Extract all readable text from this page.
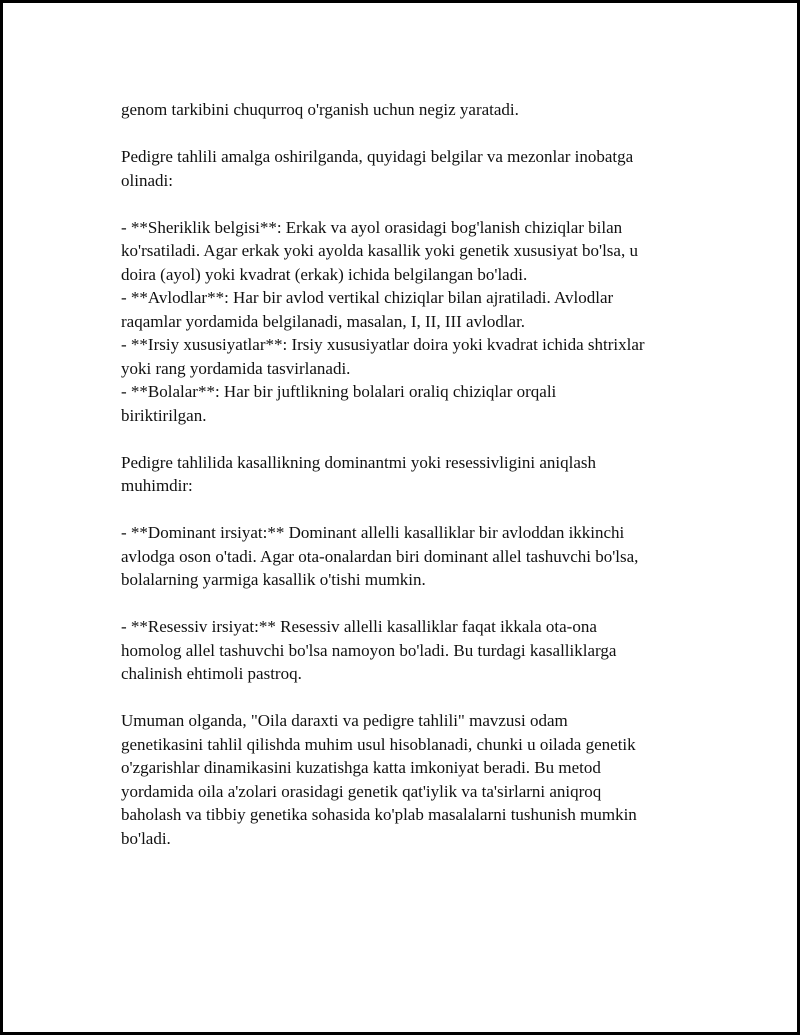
genom tarkibini chuqurroq o'rganish uchun negiz yaratadi.
Pedigre tahlili amalga oshirilganda, quyidagi belgilar va mezonlar inobatga
olinadi:
- **Sheriklik belgisi**: Erkak va ayol orasidagi bog'lanish chiziqlar bilan
ko'rsatiladi. Agar erkak yoki ayolda kasallik yoki genetik xususiyat bo'lsa, u
doira (ayol) yoki kvadrat (erkak) ichida belgilangan bo'ladi.
- **Avlodlar**: Har bir avlod vertikal chiziqlar bilan ajratiladi. Avlodlar
raqamlar yordamida belgilanadi, masalan, I, II, III avlodlar.
- **Irsiy xususiyatlar**: Irsiy xususiyatlar doira yoki kvadrat ichida shtrixlar
yoki rang yordamida tasvirlanadi.
- **Bolalar**: Har bir juftlikning bolalari oraliq chiziqlar orqali
biriktirilgan.
Pedigre tahlilida kasallikning dominantmi yoki resessivligini aniqlash
muhimdir:
- **Dominant irsiyat:** Dominant allelli kasalliklar bir avloddan ikkinchi
avlodga oson o'tadi. Agar ota-onalardan biri dominant allel tashuvchi bo'lsa,
bolalarning yarmiga kasallik o'tishi mumkin.
- **Resessiv irsiyat:** Resessiv allelli kasalliklar faqat ikkala ota-ona
homolog allel tashuvchi bo'lsa namoyon bo'ladi. Bu turdagi kasalliklarga
chalinish ehtimoli pastroq.
Umuman olganda, "Oila daraxti va pedigre tahlili" mavzusi odam
genetikasini tahlil qilishda muhim usul hisoblanadi, chunki u oilada genetik
o'zgarishlar dinamikasini kuzatishga katta imkoniyat beradi. Bu metod
yordamida oila a'zolari orasidagi genetik qat'iylik va ta'sirlarni aniqroq
baholash va tibbiy genetika sohasida ko'plab masalalarni tushunish mumkin
bo'ladi.
